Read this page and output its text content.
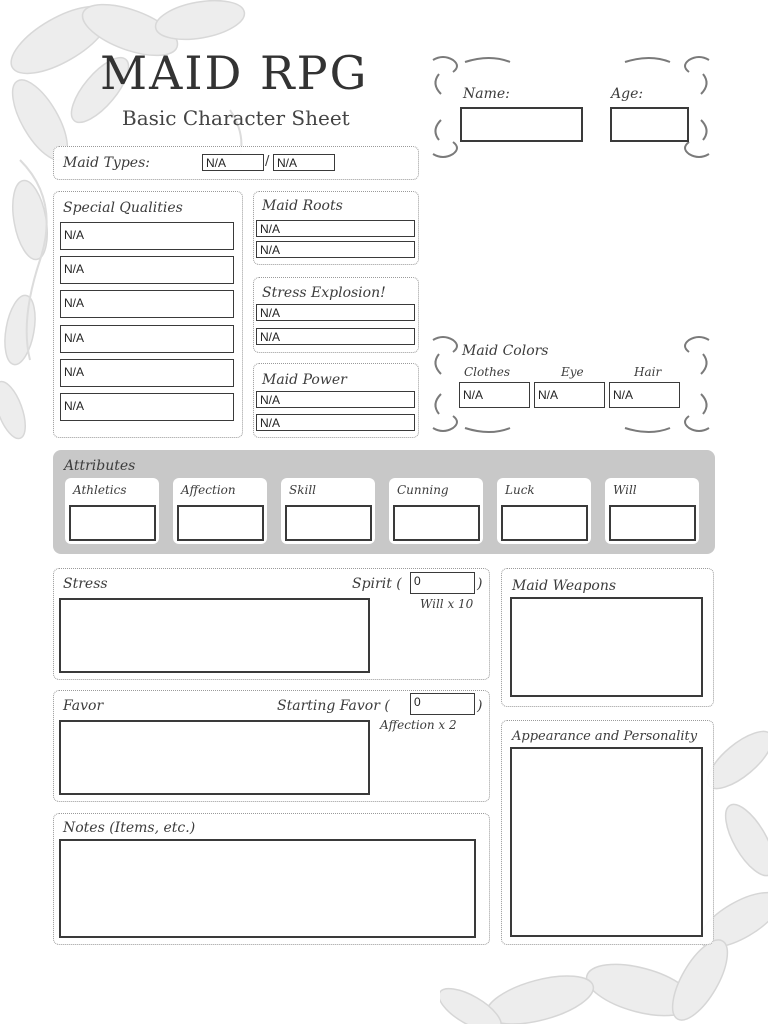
MAID RPG
Basic Character Sheet
Name:	Age:
Maid Types:	N/A	/ N/A
Special Qualities
N/A
N/A
N/A
N/A
N/A
N/A
Maid Roots
N/A
N/A
Stress Explosion!
N/A
N/A
Maid Power
N/A
N/A
Maid Colors
Clothes	Eye	Hair
N/A	N/A	N/A
Attributes
Athletics	Affection	Skill	Cunning	Luck	Will
Stress	Spirit (	0	)
Will x 10
Favor	Starting Favor (	0	)
Affection x 2
Notes (Items, etc.)
Maid Weapons
Appearance and Personality
